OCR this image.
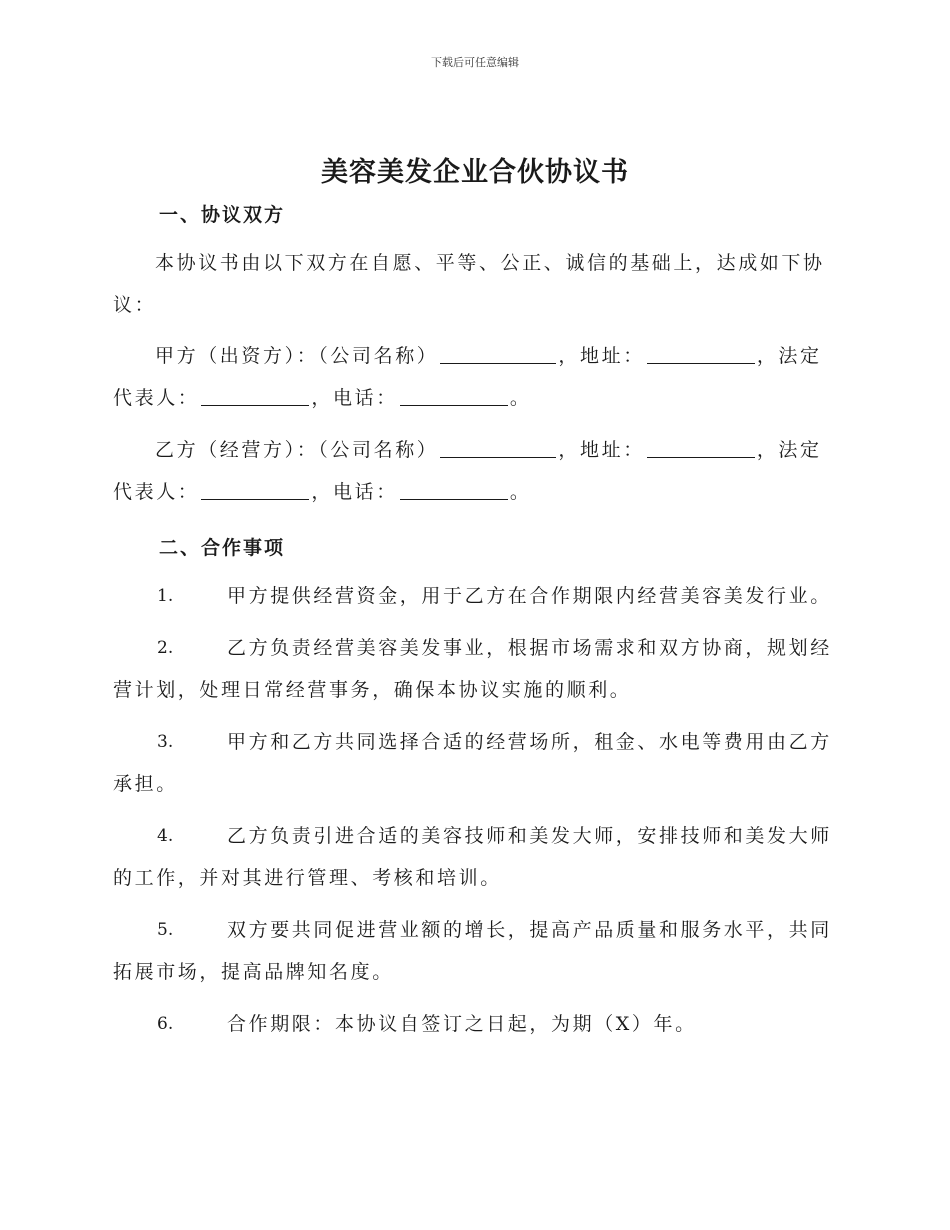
下载后可任意编辑
美容美发企业合伙协议书
一、协议双方
本协议书由以下双方在自愿、平等、公正、诚信的基础上，达成如下协议：
甲方（出资方）：（公司名称）	，地址：	，法定代表人：	，电话：	。
乙方（经营方）：（公司名称）	，地址：	，法定代表人：	，电话：	。
二、合作事项
1.	甲方提供经营资金，用于乙方在合作期限内经营美容美发行业。
2.	乙方负责经营美容美发事业，根据市场需求和双方协商，规划经营计划，处理日常经营事务，确保本协议实施的顺利。
3.	甲方和乙方共同选择合适的经营场所，租金、水电等费用由乙方承担。
4.	乙方负责引进合适的美容技师和美发大师，安排技师和美发大师的工作，并对其进行管理、考核和培训。
5.	双方要共同促进营业额的增长，提高产品质量和服务水平，共同拓展市场，提高品牌知名度。
6.	合作期限：本协议自签订之日起，为期（X）年。
